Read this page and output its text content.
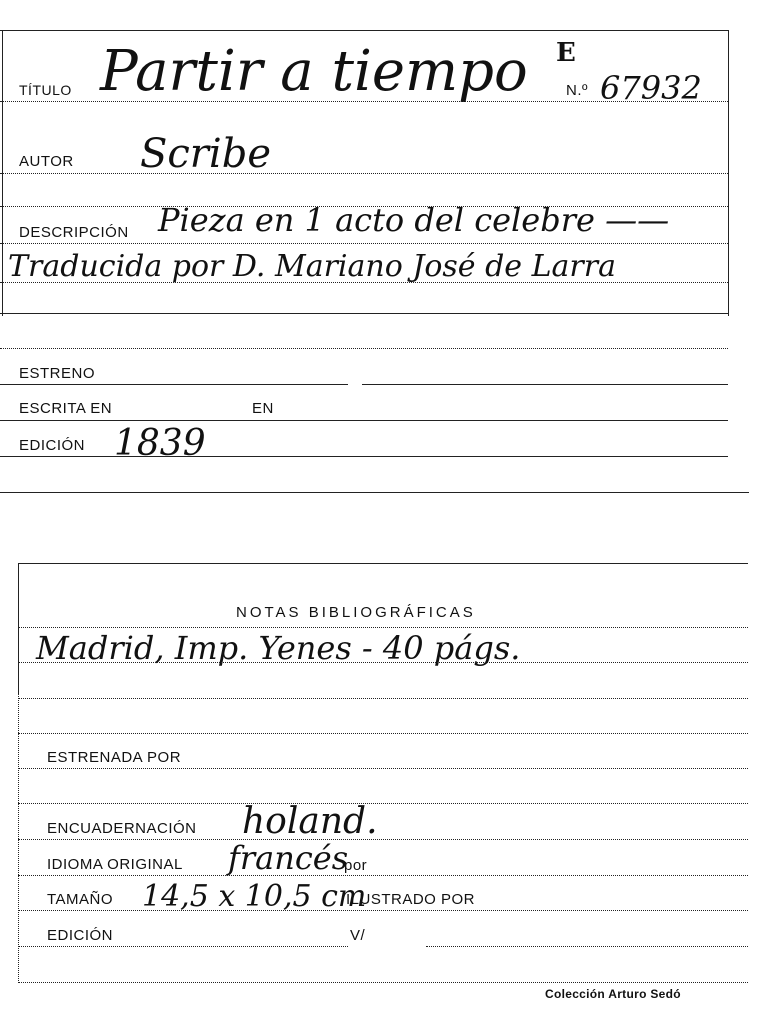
TÍTULO Partir a tiempo E
N.º 67932
AUTOR Scribe
DESCRIPCIÓN Pieza en 1 acto del celebre ——
Traducida por D. Mariano José de Larra
ESTRENO
ESCRITA EN	EN
EDICIÓN 1839
NOTAS BIBLIOGRÁFICAS
Madrid, Imp. Yenes - 40 págs.
ESTRENADA POR
ENCUADERNACIÓN holand.
IDIOMA ORIGINAL francés
por
TAMAÑO 14,5 x 10,5 cm
ILUSTRADO POR
EDICIÓN	V/
Colección Arturo Sedó
